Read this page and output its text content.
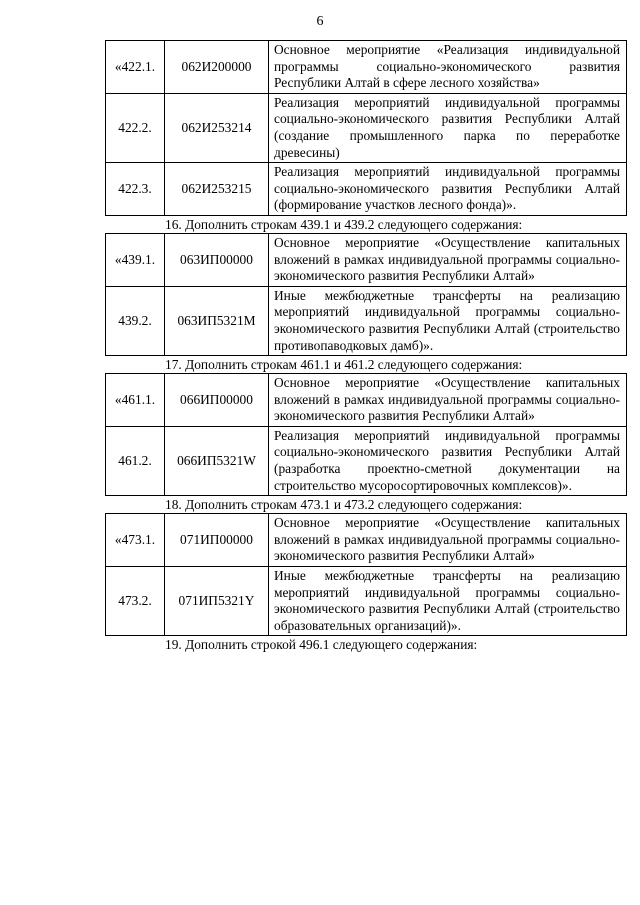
6
«422.1.	062И200000	Основное мероприятие «Реализация индивидуальной программы социально-экономического развития Республики Алтай в сфере лесного хозяйства»
422.2.	062И253214	Реализация мероприятий индивидуальной программы социально-экономического развития Республики Алтай (создание промышленного парка по переработке древесины)
422.3.	062И253215	Реализация мероприятий индивидуальной программы социально-экономического развития Республики Алтай (формирование участков лесного фонда)».

16. Дополнить строкам 439.1 и 439.2 следующего содержания:

«439.1.	063ИП00000	Основное мероприятие «Осуществление капитальных вложений в рамках индивидуальной программы социально-экономического развития Республики Алтай»
439.2.	063ИП5321M	Иные межбюджетные трансферты на реализацию мероприятий индивидуальной программы социально-экономического развития Республики Алтай (строительство противопаводковых дамб)».

17. Дополнить строкам 461.1 и 461.2 следующего содержания:

«461.1.	066ИП00000	Основное мероприятие «Осуществление капитальных вложений в рамках индивидуальной программы социально-экономического развития Республики Алтай»
461.2.	066ИП5321W	Реализация мероприятий индивидуальной программы социально-экономического развития Республики Алтай (разработка проектно-сметной документации на строительство мусоросортировочных комплексов)».

18. Дополнить строкам 473.1 и 473.2 следующего содержания:

«473.1.	071ИП00000	Основное мероприятие «Осуществление капитальных вложений в рамках индивидуальной программы социально-экономического развития Республики Алтай»
473.2.	071ИП5321Y	Иные межбюджетные трансферты на реализацию мероприятий индивидуальной программы социально-экономического развития Республики Алтай (строительство образовательных организаций)».

19. Дополнить строкой 496.1 следующего содержания:
